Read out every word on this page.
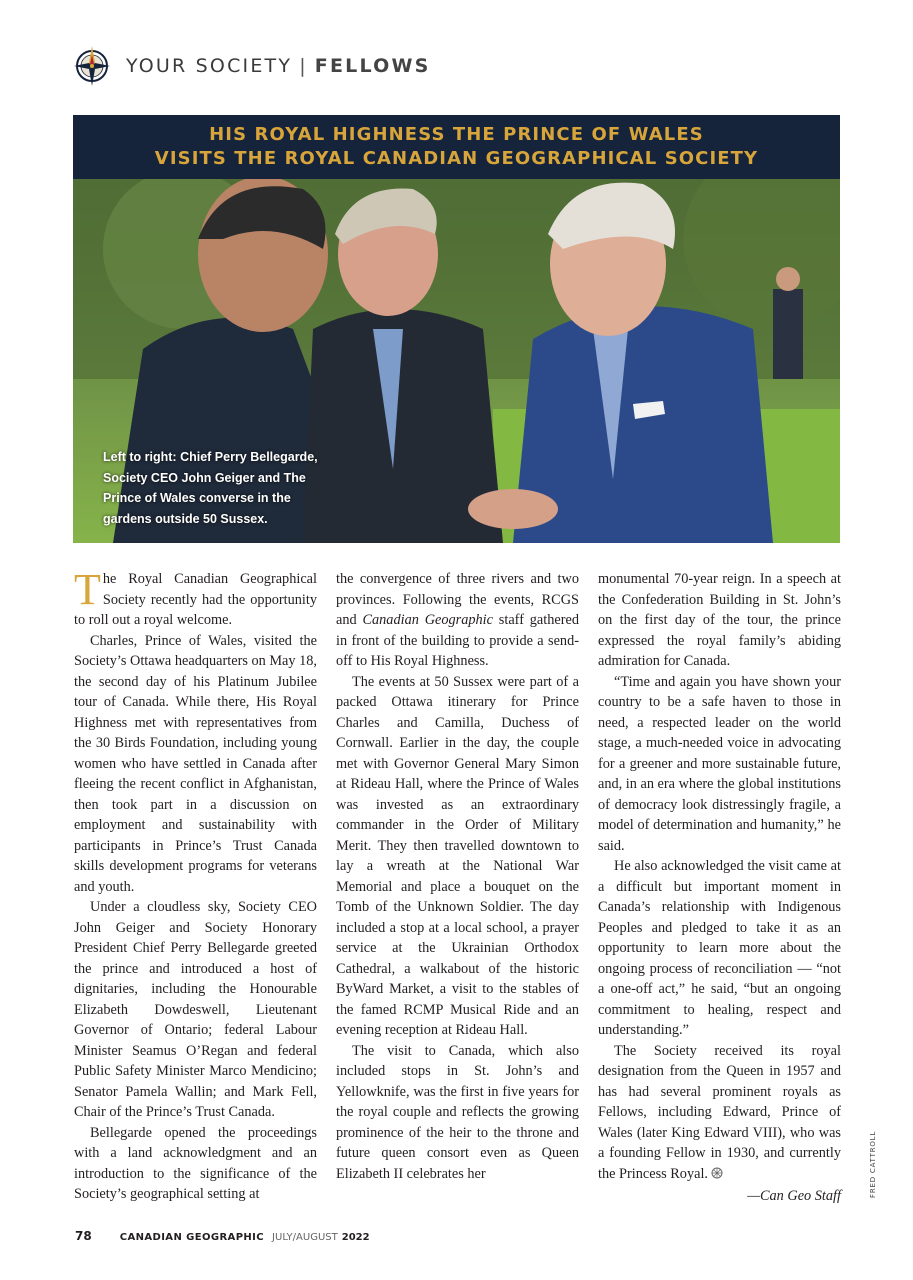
YOUR SOCIETY | FELLOWS
HIS ROYAL HIGHNESS THE PRINCE OF WALES
VISITS THE ROYAL CANADIAN GEOGRAPHICAL SOCIETY
Left to right: Chief Perry Bellegarde,
Society CEO John Geiger and The
Prince of Wales converse in the
gardens outside 50 Sussex.

The Royal Canadian Geographical Society recently had the opportunity to roll out a royal welcome.

Charles, Prince of Wales, visited the Society’s Ottawa headquarters on May 18, the second day of his Platinum Jubilee tour of Canada. While there, His Royal Highness met with representatives from the 30 Birds Foundation, including young women who have settled in Canada after fleeing the recent conflict in Afghanistan, then took part in a discussion on employment and sustainability with participants in Prince’s Trust Canada skills development programs for veterans and youth.

Under a cloudless sky, Society CEO John Geiger and Society Honorary President Chief Perry Bellegarde greeted the prince and introduced a host of dignitaries, including the Honourable Elizabeth Dowdeswell, Lieutenant Governor of Ontario; federal Labour Minister Seamus O’Regan and federal Public Safety Minister Marco Mendicino; Senator Pamela Wallin; and Mark Fell, Chair of the Prince’s Trust Canada.

Bellegarde opened the proceedings with a land acknowledgment and an introduction to the significance of the Society’s geographical setting at

the convergence of three rivers and two provinces. Following the events, RCGS and Canadian Geographic staff gathered in front of the building to provide a send-off to His Royal Highness.

The events at 50 Sussex were part of a packed Ottawa itinerary for Prince Charles and Camilla, Duchess of Cornwall. Earlier in the day, the couple met with Governor General Mary Simon at Rideau Hall, where the Prince of Wales was invested as an extraordinary commander in the Order of Military Merit. They then travelled downtown to lay a wreath at the National War Memorial and place a bouquet on the Tomb of the Unknown Soldier. The day included a stop at a local school, a prayer service at the Ukrainian Orthodox Cathedral, a walkabout of the historic ByWard Market, a visit to the stables of the famed RCMP Musical Ride and an evening reception at Rideau Hall.

The visit to Canada, which also included stops in St. John’s and Yellowknife, was the first in five years for the royal couple and reflects the growing prominence of the heir to the throne and future queen consort even as Queen Elizabeth II celebrates her

monumental 70-year reign. In a speech at the Confederation Building in St. John’s on the first day of the tour, the prince expressed the royal family’s abiding admiration for Canada.

“Time and again you have shown your country to be a safe haven to those in need, a respected leader on the world stage, a much-needed voice in advocating for a greener and more sustainable future, and, in an era where the global institutions of democracy look distressingly fragile, a model of determination and humanity,” he said.

He also acknowledged the visit came at a difficult but important moment in Canada’s relationship with Indigenous Peoples and pledged to take it as an opportunity to learn more about the ongoing process of reconciliation — “not a one-off act,” he said, “but an ongoing commitment to healing, respect and understanding.”

The Society received its royal designation from the Queen in 1957 and has had several prominent royals as Fellows, including Edward, Prince of Wales (later King Edward VIII), who was a founding Fellow in 1930, and currently the Princess Royal.

—Can Geo Staff	FRED CATTROLL
78	CANADIAN GEOGRAPHIC JULY/AUGUST 2022
